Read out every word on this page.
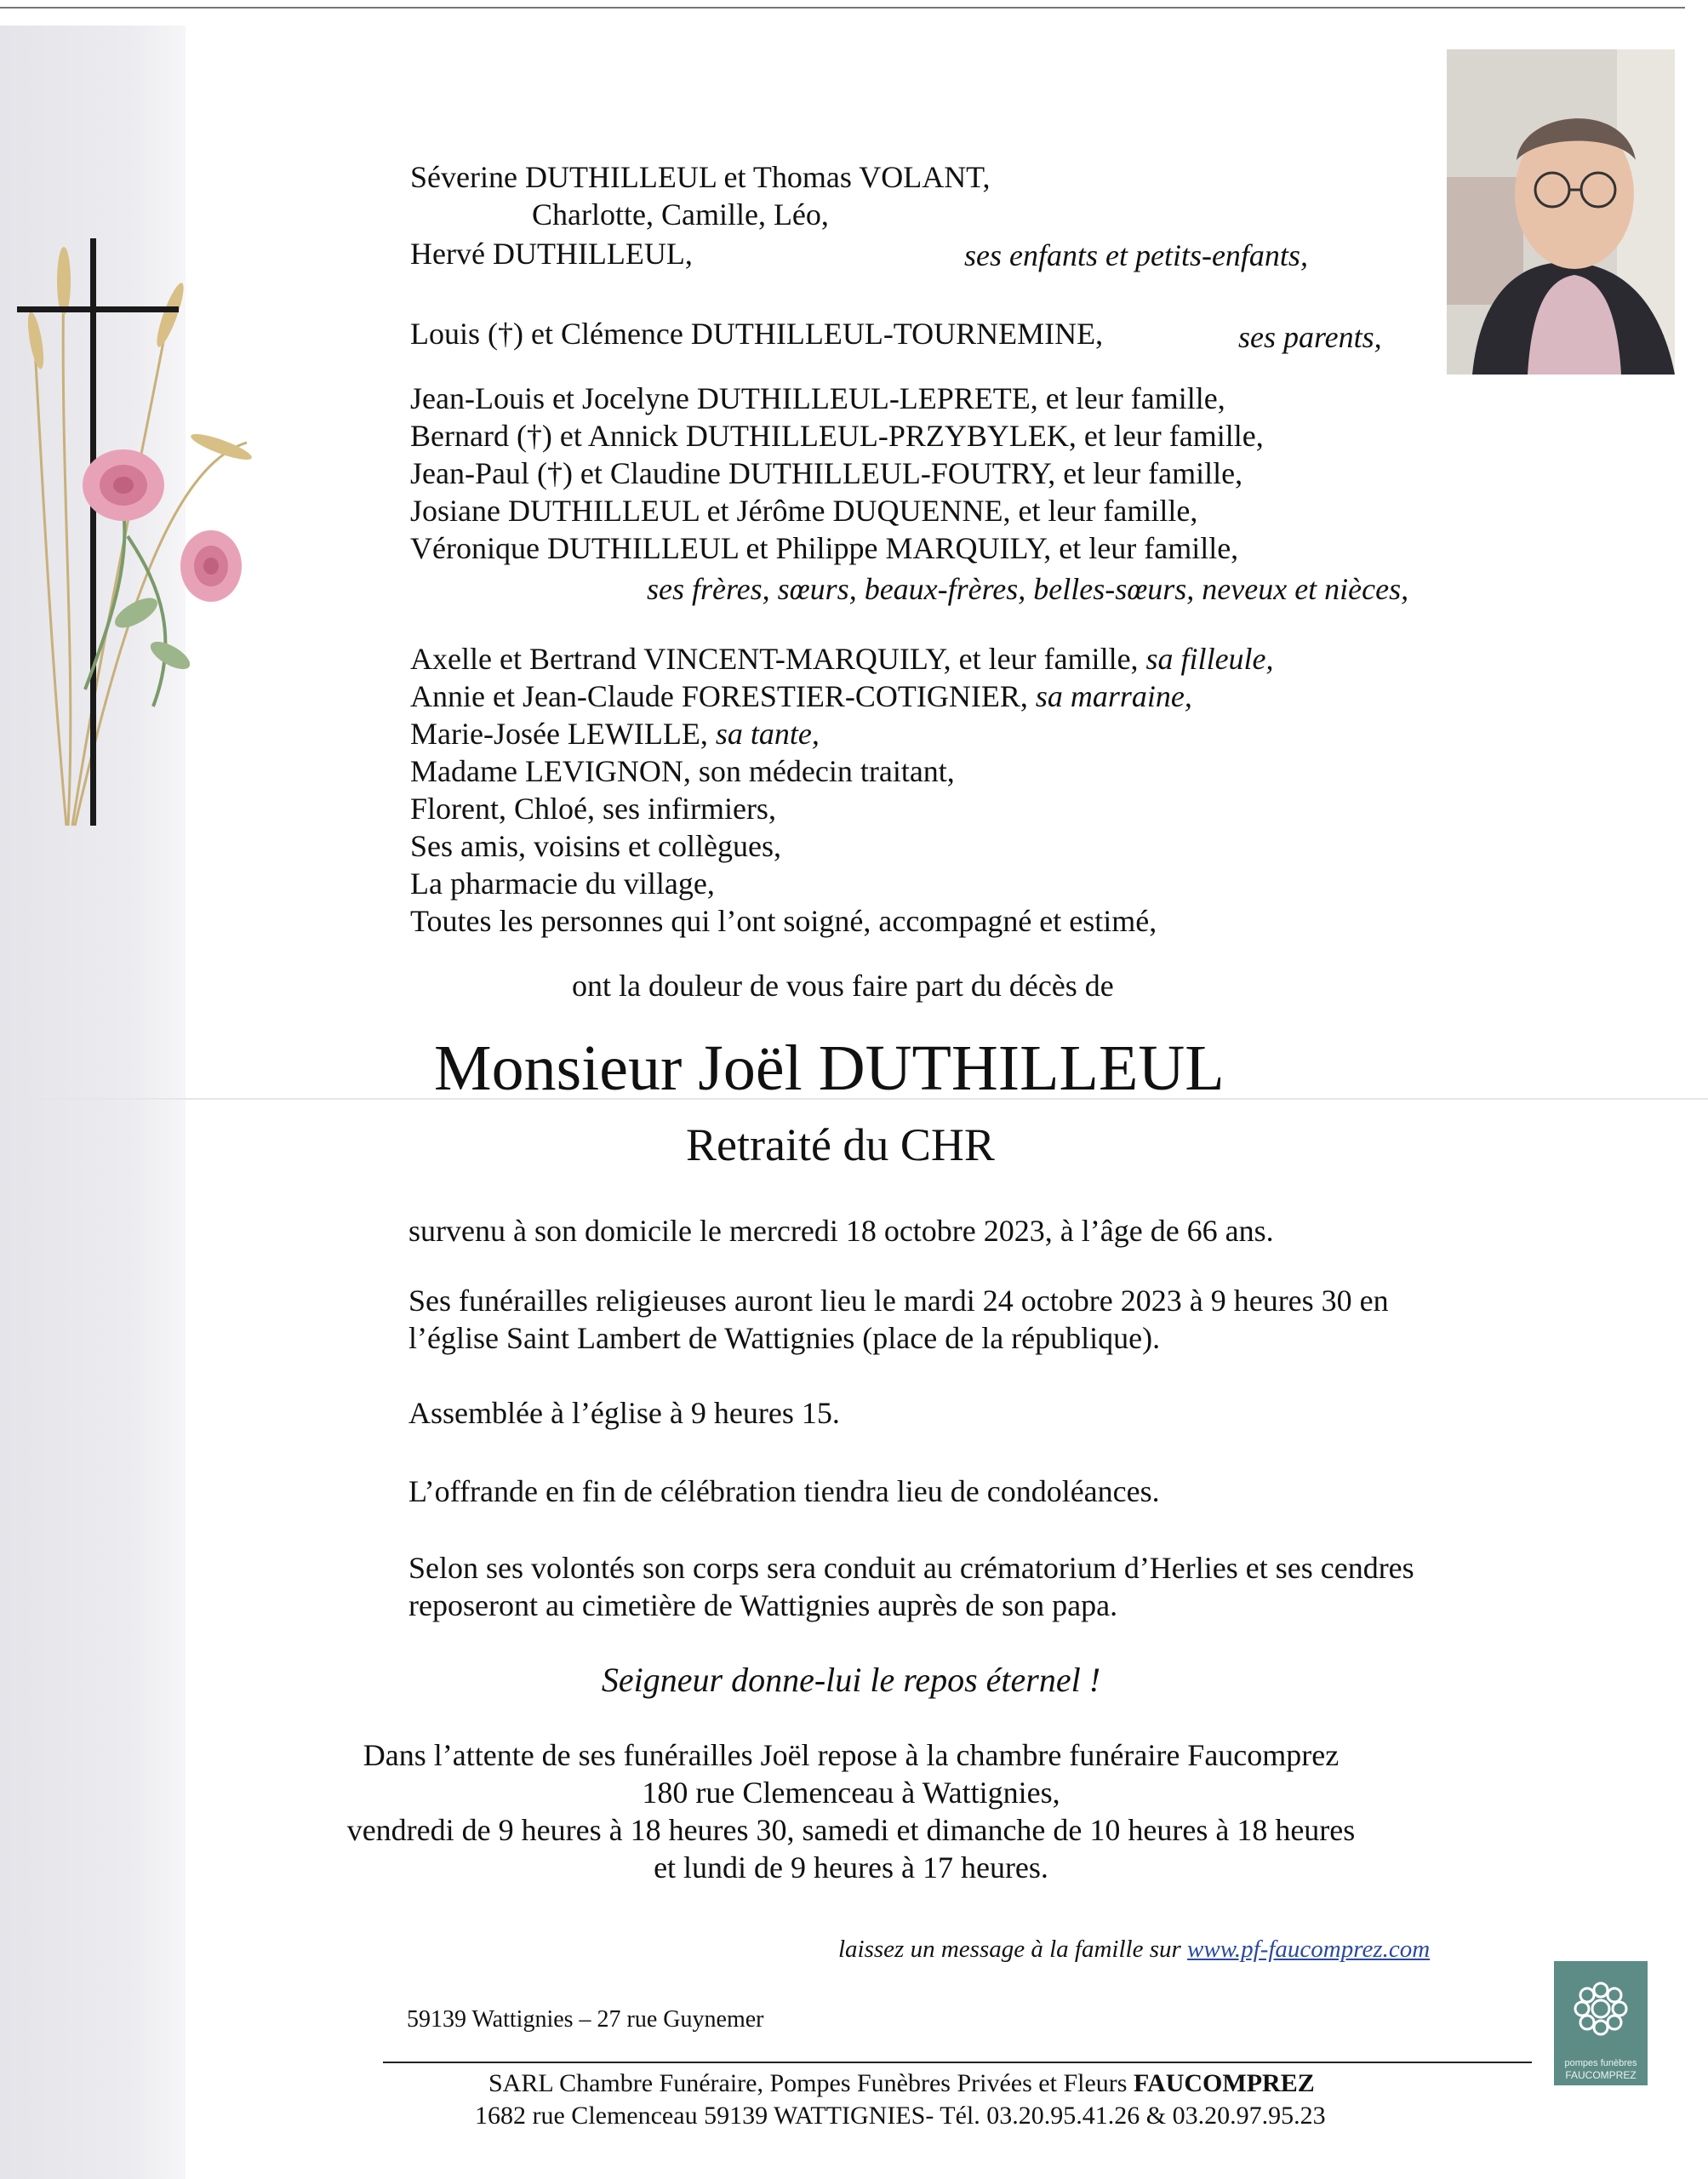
Séverine DUTHILLEUL et Thomas VOLANT,
Charlotte, Camille, Léo,
Hervé DUTHILLEUL,	ses enfants et petits-enfants,
Louis (†) et Clémence DUTHILLEUL-TOURNEMINE,	ses parents,
Jean-Louis et Jocelyne DUTHILLEUL-LEPRETE, et leur famille,
Bernard (†) et Annick DUTHILLEUL-PRZYBYLEK, et leur famille,
Jean-Paul (†) et Claudine DUTHILLEUL-FOUTRY, et leur famille,
Josiane DUTHILLEUL et Jérôme DUQUENNE, et leur famille,
Véronique DUTHILLEUL et Philippe MARQUILY, et leur famille,
ses frères, sœurs, beaux-frères, belles-sœurs, neveux et nièces,
Axelle et Bertrand VINCENT-MARQUILY, et leur famille, sa filleule,
Annie et Jean-Claude FORESTIER-COTIGNIER, sa marraine,
Marie-Josée LEWILLE, sa tante,
Madame LEVIGNON, son médecin traitant,
Florent, Chloé, ses infirmiers,
Ses amis, voisins et collègues,
La pharmacie du village,
Toutes les personnes qui l’ont soigné, accompagné et estimé,
ont la douleur de vous faire part du décès de
Monsieur Joël DUTHILLEUL
Retraité du CHR
survenu à son domicile le mercredi 18 octobre 2023, à l’âge de 66 ans.
Ses funérailles religieuses auront lieu le mardi 24 octobre 2023 à 9 heures 30 en
l’église Saint Lambert de Wattignies (place de la république).
Assemblée à l’église à 9 heures 15.
L’offrande en fin de célébration tiendra lieu de condoléances.
Selon ses volontés son corps sera conduit au crématorium d’Herlies et ses cendres
reposeront au cimetière de Wattignies auprès de son papa.
Seigneur donne-lui le repos éternel !
Dans l’attente de ses funérailles Joël repose à la chambre funéraire Faucomprez
180 rue Clemenceau à Wattignies,
vendredi de 9 heures à 18 heures 30, samedi et dimanche de 10 heures à 18 heures
et lundi de 9 heures à 17 heures.
laissez un message à la famille sur www.pf-faucomprez.com
59139 Wattignies – 27 rue Guynemer
SARL Chambre Funéraire, Pompes Funèbres Privées et Fleurs FAUCOMPREZ
1682 rue Clemenceau 59139 WATTIGNIES- Tél. 03.20.95.41.26 & 03.20.97.95.23
pompes funèbres
FAUCOMPREZ
